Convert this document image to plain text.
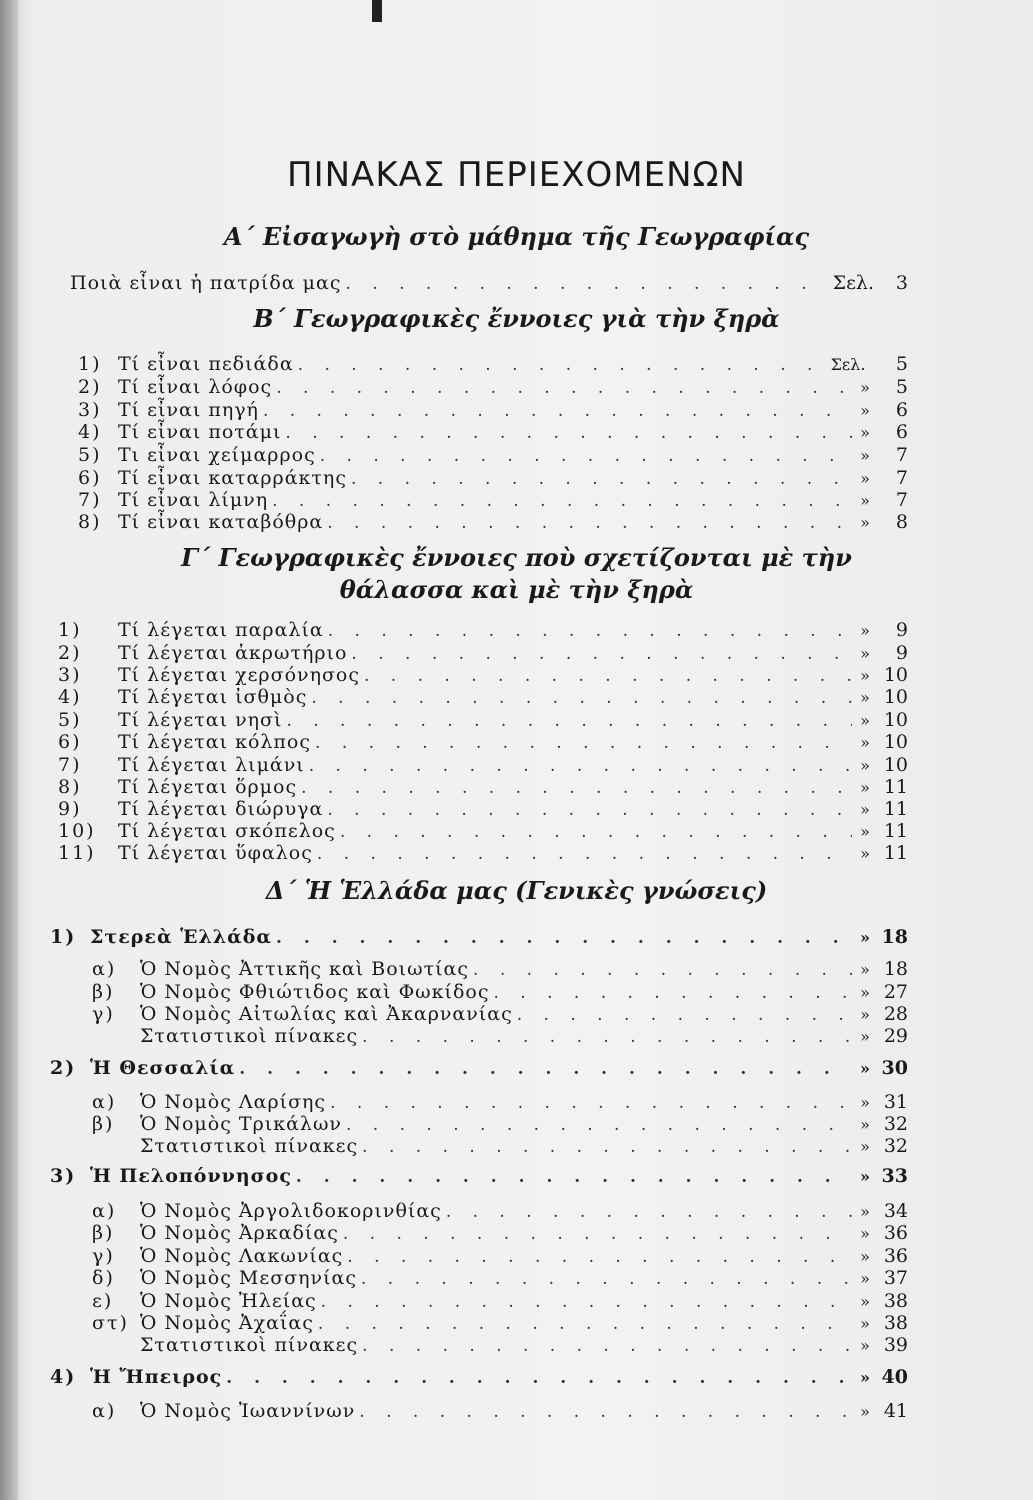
ΠΙΝΑΚΑΣ ΠΕΡΙΕΧΟΜΕΝΩΝ
Α΄ Εἰσαγωγὴ στὸ μάθημα τῆς Γεωγραφίας
Ποιὰ εἶναι ἡ πατρίδα μας . . .	Σελ.	3
Β΄ Γεωγραφικὲς ἔννοιες γιὰ τὴν ξηρὰ
1) Τί εἶναι πεδιάδα . . .	Σελ.	5
2) Τί εἶναι λόφος . . .	»	5
3) Τί εἶναι πηγή . . .	»	6
4) Τί εἶναι ποτάμι . . .	»	6
5) Τι εἶναι χείμαρρος . . .	»	7
6) Τί εἶναι καταρράκτης . . .	»	7
7) Τί εἶναι λίμνη . . .	»	7
8) Τί εἶναι καταβόθρα . . .	»	8
Γ΄ Γεωγραφικὲς ἔννοιες ποὺ σχετίζονται μὲ τὴν
θάλασσα καὶ μὲ τὴν ξηρὰ
1)	Τί λέγεται παραλία . . .	»	9
2)	Τί λέγεται ἀκρωτήριο . . .	»	9
3)	Τί λέγεται χερσόνησος . . .	» 10
4)	Τί λέγεται ἰσθμὸς . . .	» 10
5)	Τί λέγεται νησὶ . . .	» 10
6)	Τί λέγεται κόλπος . . .	» 10
7)	Τί λέγεται λιμάνι . . .	» 10
8)	Τί λέγεται ὅρμος . . .	» 11
9)	Τί λέγεται διώρυγα . . .	» 11
10)	Τί λέγεται σκόπελος . . .	» 11
11)	Τί λέγεται ὕφαλος . . .	» 11
Δ΄ Ἡ Ἑλλάδα μας (Γενικὲς γνώσεις)
1) Στερεὰ Ἑλλάδα . . .	» 18
α)	Ὁ Νομὸς Ἀττικῆς καὶ Βοιωτίας . . .	» 18
β)	Ὁ Νομὸς Φθιώτιδος καὶ Φωκίδος . . .	» 27
γ)	Ὁ Νομὸς Αἰτωλίας καὶ Ἀκαρνανίας . . .	» 28
Στατιστικοὶ πίνακες . . .	» 29
2) Ἡ Θεσσαλία . . .	» 30
α)	Ὁ Νομὸς Λαρίσης . . .	» 31
β)	Ὁ Νομὸς Τρικάλων . . .	» 32
Στατιστικοὶ πίνακες . . .	» 32
3) Ἡ Πελοπόννησος . . .	» 33
α)	Ὁ Νομὸς Ἀργολιδοκορινθίας . . .	» 34
β)	Ὁ Νομὸς Ἀρκαδίας . . .	» 36
γ)	Ὁ Νομὸς Λακωνίας . . .	» 36
δ)	Ὁ Νομὸς Μεσσηνίας . . .	» 37
ε)	Ὁ Νομὸς Ἠλείας . . .	» 38
στ) Ὁ Νομὸς Ἀχαΐας . . .	» 38
Στατιστικοὶ πίνακες . . .	» 39
4) Ἡ Ἤπειρος . . .	» 40
α)	Ὁ Νομὸς Ἰωαννίνων . . .	» 41
